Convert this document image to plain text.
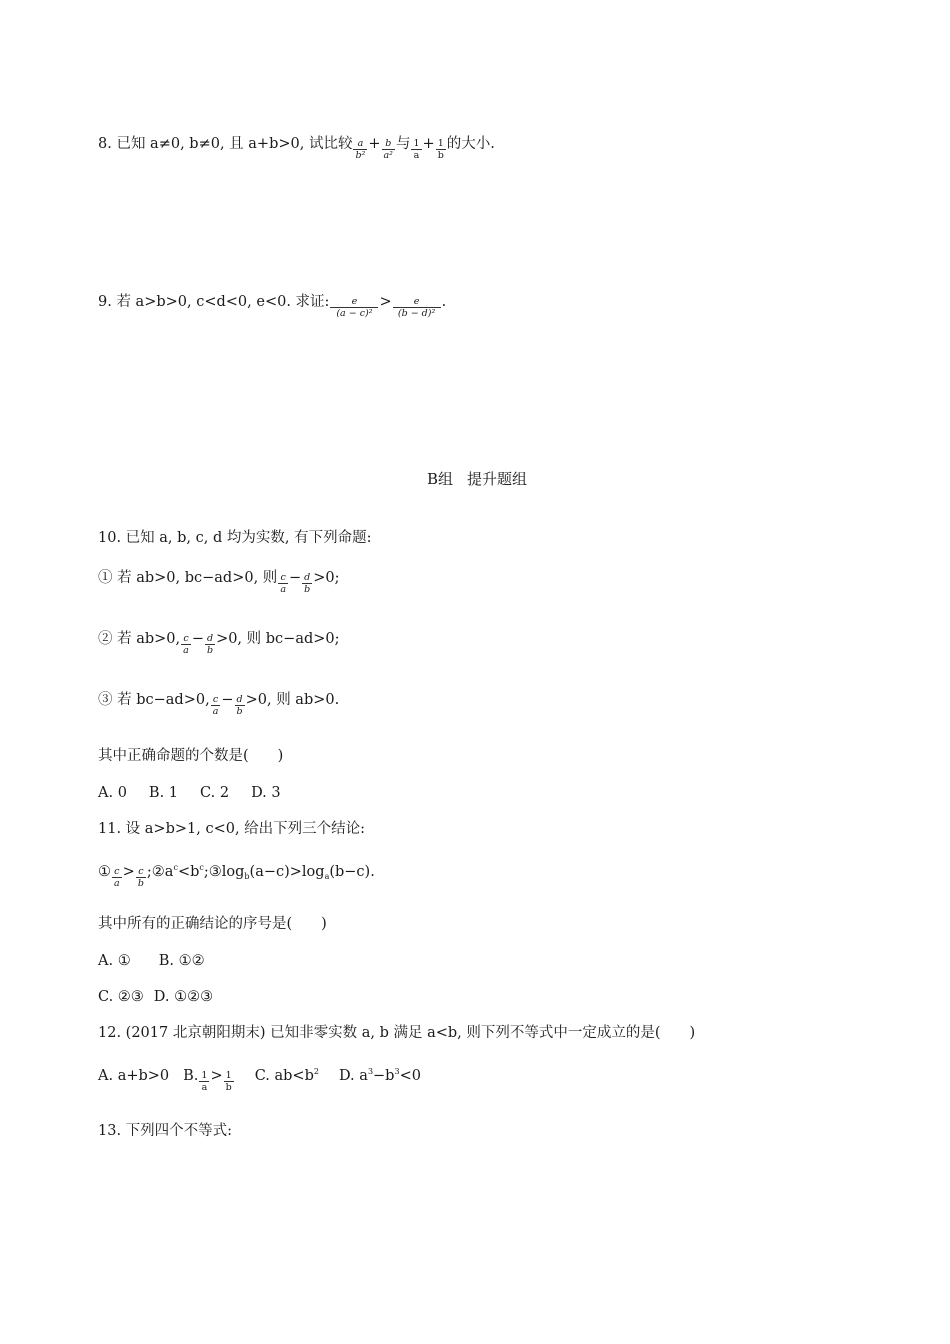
8. 已知 a≠0, b≠0, 且 a+b>0, 试比较 $\frac{a}{\text{b²}} + \frac{b}{\text{a²}}$ 与 $\frac{1}{a} + \frac{1}{b}$ 的大小.
9. 若 a>b>0, c<d<0, e<0. 求证: $\frac{e}{\text{(a − c)²}} > \frac{e}{\text{(b − d)²}}$ .
B组 提升题组
10. 已知 a, b, c, d 均为实数, 有下列命题:
① 若 ab>0, bc−ad>0, 则 $\frac{c}{a} - \frac{d}{b} >0$;
② 若 ab>0, $\frac{c}{a} - \frac{d}{b} >0$, 则 bc−ad>0;
③ 若 bc−ad>0, $\frac{c}{a} - \frac{d}{b} >0$, 则 ab>0.
其中正确命题的个数是(　　)
A. 0 B. 1 C. 2 D. 3
11. 设 a>b>1, c<0, 给出下列三个结论:
① $\frac{c}{a} > \frac{c}{b}$ $;②a^c<b^c;③\log_b(a-c)>\log_a(b-c)$.
其中所有的正确结论的序号是(　　)
A. ① B. ①②
C. ②③ D. ①②③
12. (2017 北京朝阳期末) 已知非零实数 a, b 满足 a<b, 则下列不等式中一定成立的是(　　)
A. a+b>0 B. $\frac{1}{a} > \frac{1}{b} C$. $ab<b^2$ D. $a^3-b^3<0$
13. 下列四个不等式:
